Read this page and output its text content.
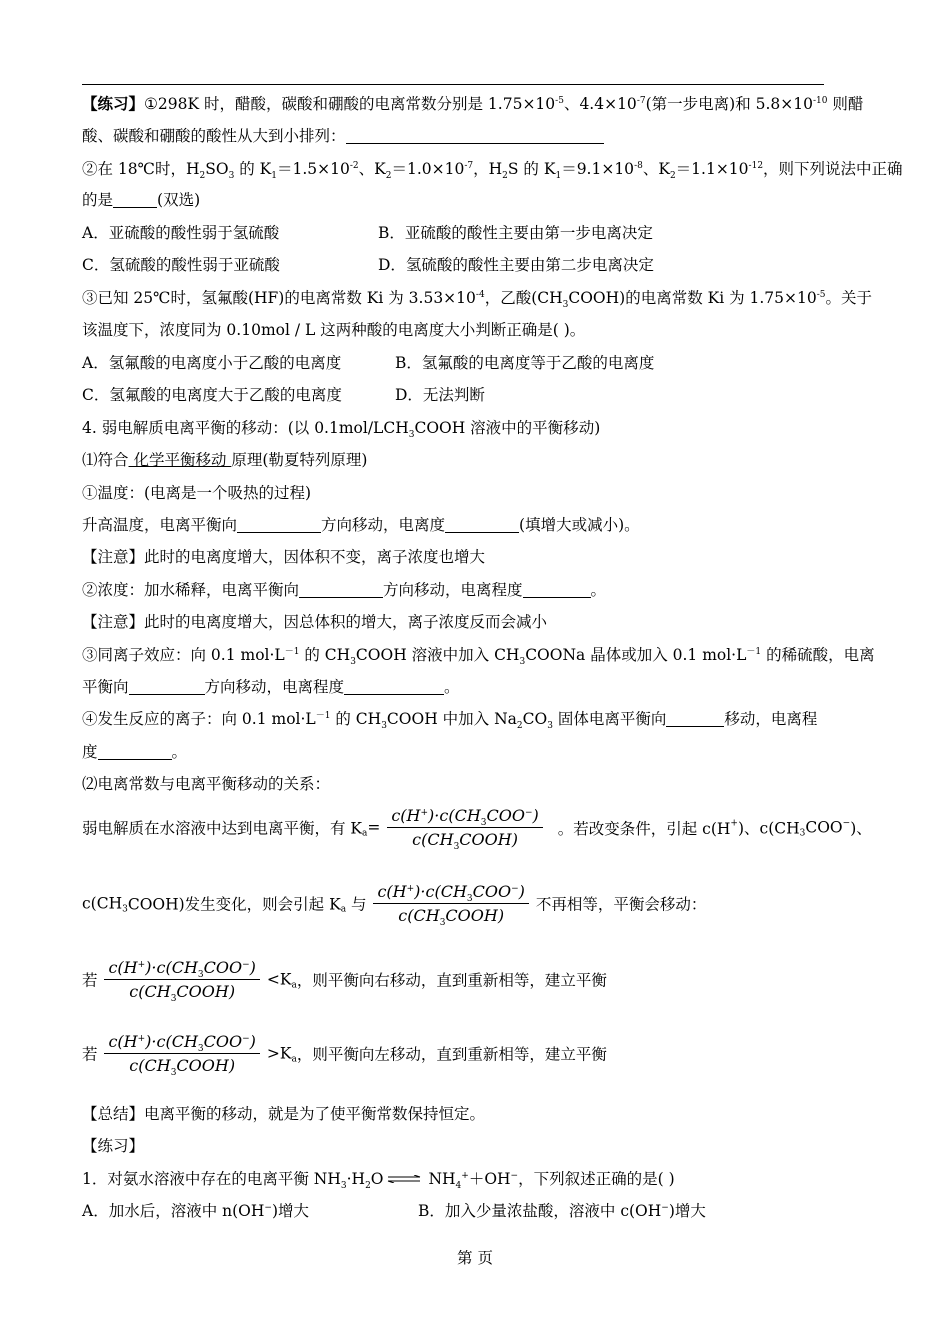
【练习】①298K 时，醋酸，碳酸和硼酸的电离常数分别是 $1.75\times 10^{-5}$、$4.4\times 10^{-7}$(第一步电离)和 $5.8\times 10^{-10}$ 则醋
酸、碳酸和硼酸的酸性从大到小排列：
②在 18℃时，$H_2SO_3$ 的 $K_1=1.5\times 10^{-2}$、$K_2=1.0\times 10^{-7}$，$H_2S$ 的 $K_1=9.1\times 10^{-8}$、$K_2=1.1\times 10^{-12}$，则下列说法中正确
的是	(双选)
A．亚硫酸的酸性弱于氢硫酸	B．亚硫酸的酸性主要由第一步电离决定
C．氢硫酸的酸性弱于亚硫酸	D．氢硫酸的酸性主要由第二步电离决定
③已知 25℃时，氢氟酸(HF)的电离常数 Ki 为 $3.53\times 10^{-4}$，乙酸$(CH_3COOH)$的电离常数 Ki 为 $1.75\times 10^{-5}$。关于
该温度下，浓度同为 0.10mol / L 这两种酸的电离度大小判断正确是( )。
A．氢氟酸的电离度小于乙酸的电离度	B．氢氟酸的电离度等于乙酸的电离度
C．氢氟酸的电离度大于乙酸的电离度	D．无法判断
4. 弱电解质电离平衡的移动：(以 $0.1mol/LCH_3COOH$ 溶液中的平衡移动)
⑴符合 化学平衡移动 原理(勒夏特列原理)
①温度：(电离是一个吸热的过程)
升高温度，电离平衡向	方向移动，电离度	(填增大或减小)。
【注意】此时的电离度增大，因体积不变，离子浓度也增大
②浓度：加水稀释，电离平衡向	方向移动，电离程度	。
【注意】此时的电离度增大，因总体积的增大，离子浓度反而会减小
③同离子效应：向 0.1 $mol\cdot L^{-1}$ 的 $CH_3COOH$ 溶液中加入 $CH_3COONa$ 晶体或加入 0.1 $mol\cdot L^{-1}$ 的稀硫酸，电离
平衡向	方向移动，电离程度	。
④发生反应的离子：向 0.1 $mol\cdot L^{-1}$ 的 $CH_3COOH$ 中加入 $Na_2CO_3$ 固体电离平衡向	移动，电离程
度	。
⑵电离常数与电离平衡移动的关系：
弱电解质在水溶液中达到电离平衡，有 $K_a= \frac{c(H^+)\cdot c(CH_3COO^-)}{c(CH_3COOH)}$ 。若改变条件，引起 c(H+)、$c(CH_3COO^-)$、
$c(CH_3COOH)$发生变化，则会引起 $K_a$ 与 $\frac{c(H^+)\cdot c(CH_3COO^-)}{c(CH_3COOH)}$ 不再相等，平衡会移动：
若 $\frac{c(H^+)\cdot c(CH_3COO^-)}{c(CH_3COOH)} <K_a$，则平衡向右移动，直到重新相等，建立平衡
若 $\frac{c(H^+)\cdot c(CH_3COO^-)}{c(CH_3COOH)} >K_a$，则平衡向左移动，直到重新相等，建立平衡
【总结】电离平衡的移动，就是为了使平衡常数保持恒定。
【练习】
1．对氨水溶液中存在的电离平衡 $NH_3\cdot H_2O$ ⇌ $NH_4^++OH^-$，下列叙述正确的是( )
A．加水后，溶液中 n(OH−)增大	B．加入少量浓盐酸，溶液中 c(OH−)增大
第 页
